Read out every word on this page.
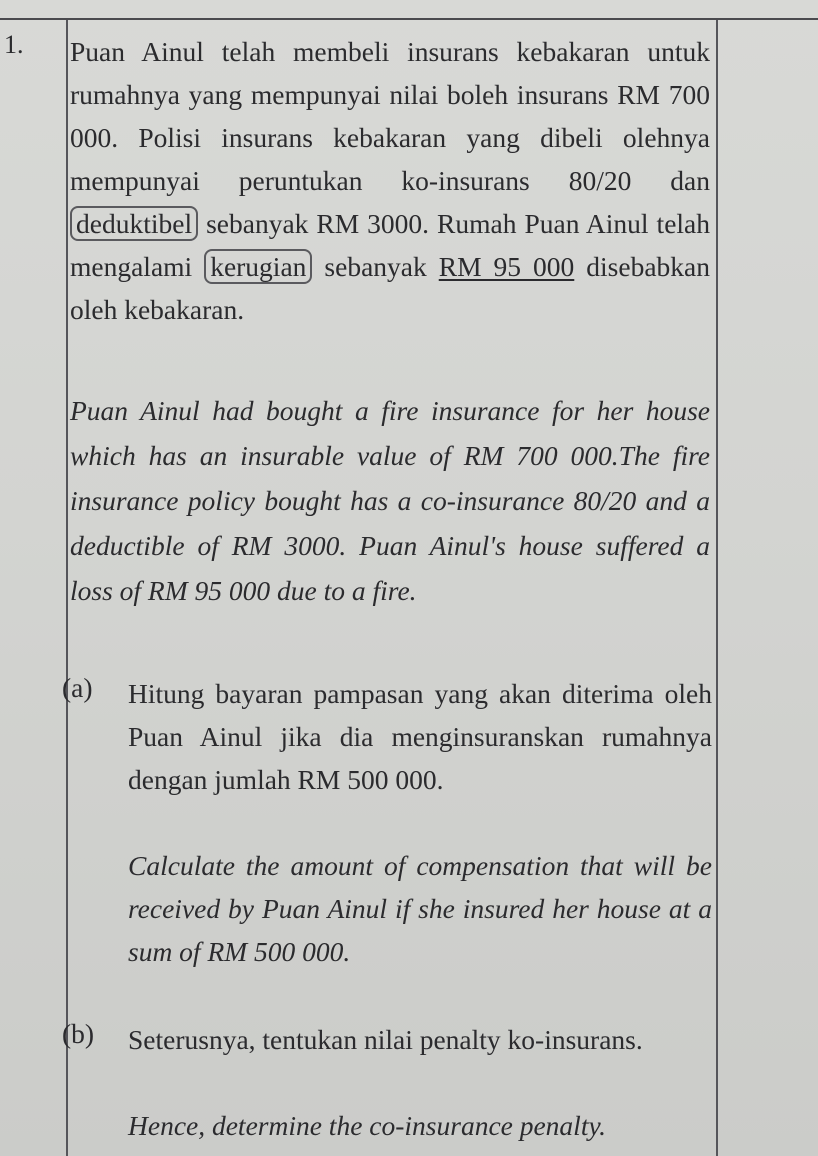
1. Puan Ainul telah membeli insurans kebakaran untuk rumahnya yang mempunyai nilai boleh insurans RM 700 000. Polisi insurans kebakaran yang dibeli olehnya mempunyai peruntukan ko-insurans 80/20 dan deduktibel sebanyak RM 3000. Rumah Puan Ainul telah mengalami kerugian sebanyak RM 95 000 disebabkan oleh kebakaran.

Puan Ainul had bought a fire insurance for her house which has an insurable value of RM 700 000.The fire insurance policy bought has a co-insurance 80/20 and a deductible of RM 3000. Puan Ainul's house suffered a loss of RM 95 000 due to a fire.

(a) Hitung bayaran pampasan yang akan diterima oleh Puan Ainul jika dia menginsuranskan rumahnya dengan jumlah RM 500 000.

Calculate the amount of compensation that will be received by Puan Ainul if she insured her house at a sum of RM 500 000.

(b) Seterusnya, tentukan nilai penalty ko-insurans.

Hence, determine the co-insurance penalty.
